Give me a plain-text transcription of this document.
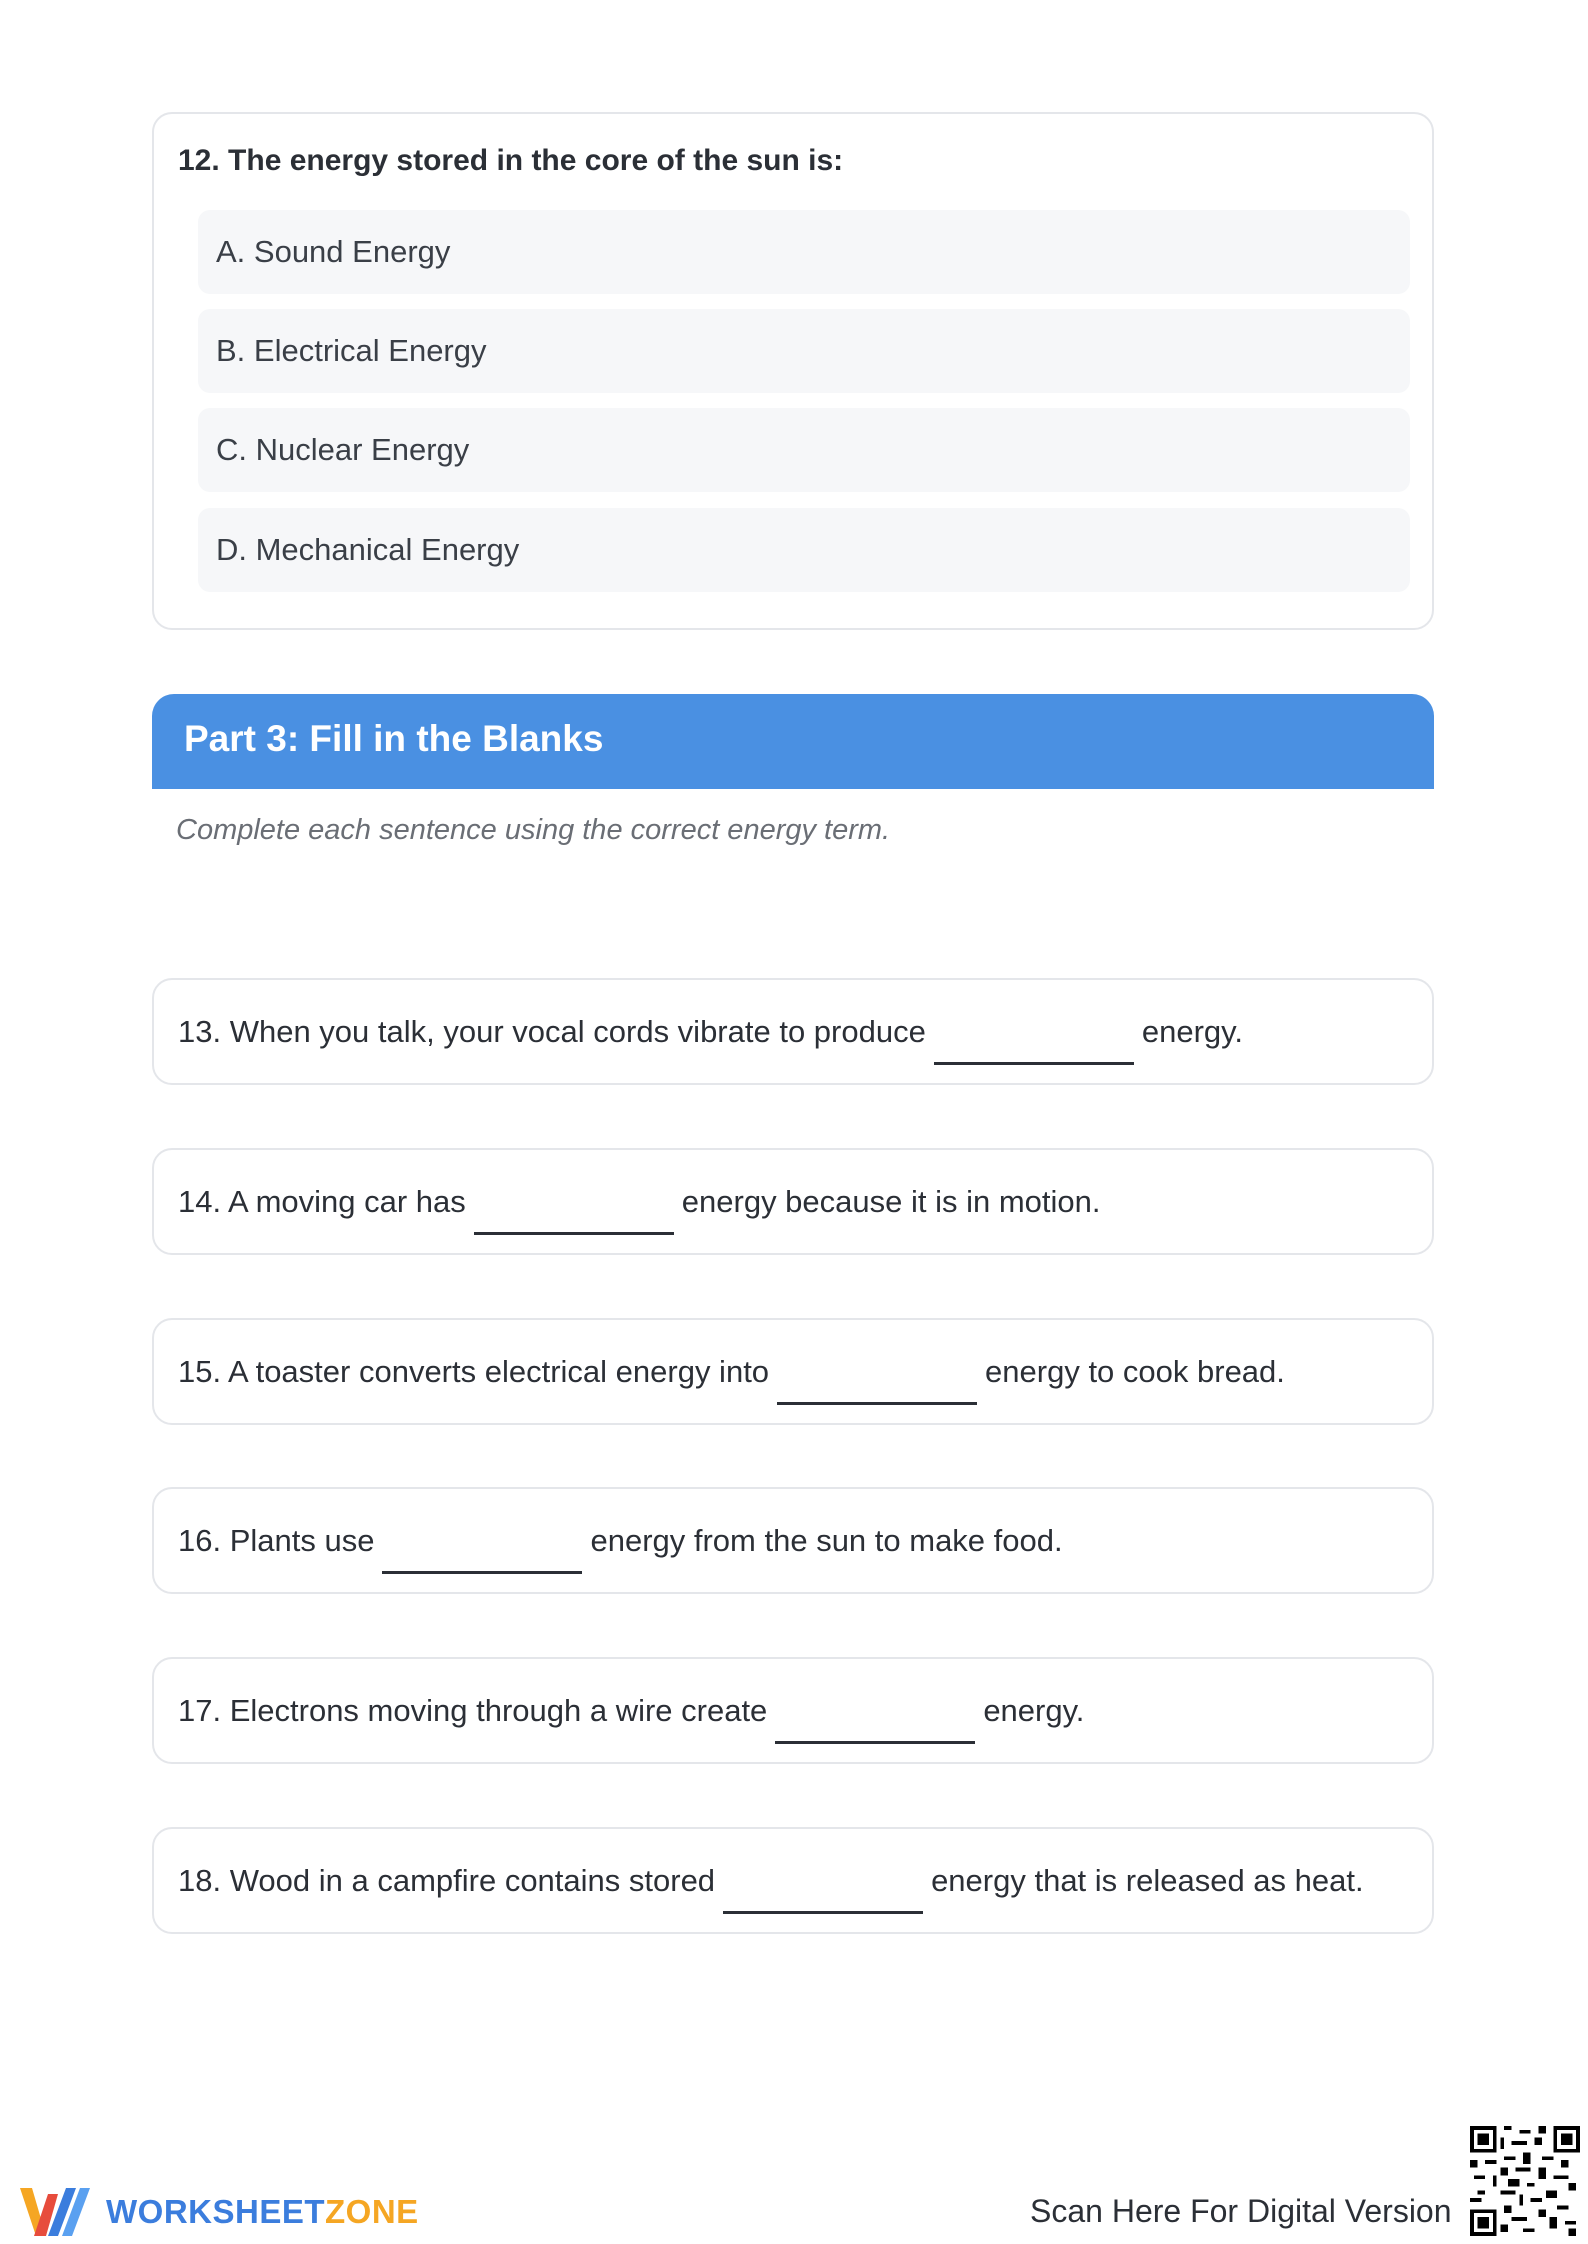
12. The energy stored in the core of the sun is:
A. Sound Energy
B. Electrical Energy
C. Nuclear Energy
D. Mechanical Energy
Part 3: Fill in the Blanks
Complete each sentence using the correct energy term.
13. When you talk, your vocal cords vibrate to produce	energy.
14. A moving car has	energy because it is in motion.
15. A toaster converts electrical energy into	energy to cook bread.
16. Plants use	energy from the sun to make food.
17. Electrons moving through a wire create	energy.
18. Wood in a campfire contains stored	energy that is released as heat.
WORKSHEETZONE	Scan Here For Digital Version
